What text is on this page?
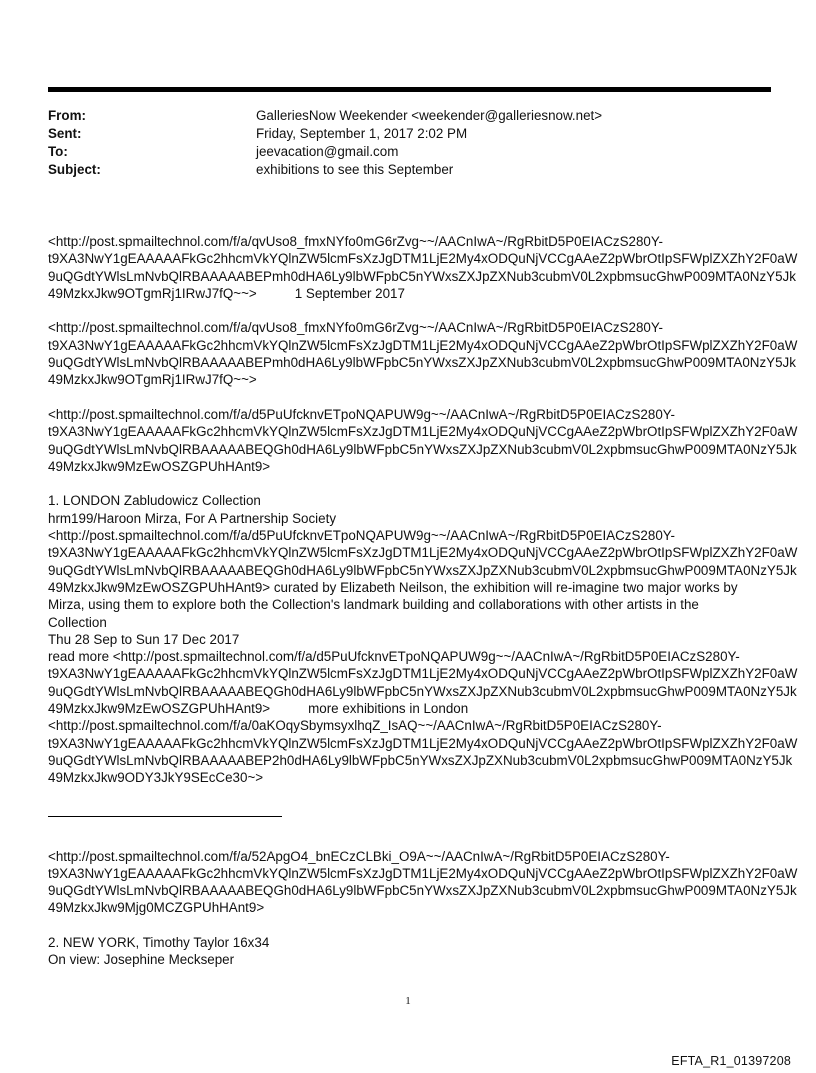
From:	GalleriesNow Weekender <weekender@galleriesnow.net>
Sent:	Friday, September 1, 2017 2:02 PM
To:	jeevacation@gmail.com
Subject:	exhibitions to see this September
<http://post.spmailtechnol.com/f/a/qvUso8_fmxNYfo0mG6rZvg~~/AACnIwA~/RgRbitD5P0EIACzS280Y-
t9XA3NwY1gEAAAAAFkGc2hhcmVkYQlnZW5lcmFsXzJgDTM1LjE2My4xODQuNjVCCgAAeZ2pWbrOtIpSFWplZXZhY2F0aW
9uQGdtYWlsLmNvbQlRBAAAAABEPmh0dHA6Ly9lbWFpbC5nYWxsZXJpZXNub3cubmV0L2xpbmsucGhwP009MTA0NzY5Jk
49MzkxJkw9OTgmRj1IRwJ7fQ~~>	1 September 2017
<http://post.spmailtechnol.com/f/a/qvUso8_fmxNYfo0mG6rZvg~~/AACnIwA~/RgRbitD5P0EIACzS280Y-
t9XA3NwY1gEAAAAAFkGc2hhcmVkYQlnZW5lcmFsXzJgDTM1LjE2My4xODQuNjVCCgAAeZ2pWbrOtIpSFWplZXZhY2F0aW
9uQGdtYWlsLmNvbQlRBAAAAABEPmh0dHA6Ly9lbWFpbC5nYWxsZXJpZXNub3cubmV0L2xpbmsucGhwP009MTA0NzY5Jk
49MzkxJkw9OTgmRj1IRwJ7fQ~~>
<http://post.spmailtechnol.com/f/a/d5PuUfcknvETpoNQAPUW9g~~/AACnIwA~/RgRbitD5P0EIACzS280Y-
t9XA3NwY1gEAAAAAFkGc2hhcmVkYQlnZW5lcmFsXzJgDTM1LjE2My4xODQuNjVCCgAAeZ2pWbrOtIpSFWplZXZhY2F0aW
9uQGdtYWlsLmNvbQlRBAAAAABEQGh0dHA6Ly9lbWFpbC5nYWxsZXJpZXNub3cubmV0L2xpbmsucGhwP009MTA0NzY5Jk
49MzkxJkw9MzEwOSZGPUhHAnt9>
1. LONDON Zabludowicz Collection
hrm199/Haroon Mirza, For A Partnership Society
<http://post.spmailtechnol.com/f/a/d5PuUfcknvETpoNQAPUW9g~~/AACnIwA~/RgRbitD5P0EIACzS280Y-
t9XA3NwY1gEAAAAAFkGc2hhcmVkYQlnZW5lcmFsXzJgDTM1LjE2My4xODQuNjVCCgAAeZ2pWbrOtIpSFWplZXZhY2F0aW
9uQGdtYWlsLmNvbQlRBAAAAABEQGh0dHA6Ly9lbWFpbC5nYWxsZXJpZXNub3cubmV0L2xpbmsucGhwP009MTA0NzY5Jk
49MzkxJkw9MzEwOSZGPUhHAnt9> curated by Elizabeth Neilson, the exhibition will re-imagine two major works by
Mirza, using them to explore both the Collection's landmark building and collaborations with other artists in the
Collection
Thu 28 Sep to Sun 17 Dec 2017
read more <http://post.spmailtechnol.com/f/a/d5PuUfcknvETpoNQAPUW9g~~/AACnIwA~/RgRbitD5P0EIACzS280Y-
t9XA3NwY1gEAAAAAFkGc2hhcmVkYQlnZW5lcmFsXzJgDTM1LjE2My4xODQuNjVCCgAAeZ2pWbrOtIpSFWplZXZhY2F0aW
9uQGdtYWlsLmNvbQlRBAAAAABEQGh0dHA6Ly9lbWFpbC5nYWxsZXJpZXNub3cubmV0L2xpbmsucGhwP009MTA0NzY5Jk
49MzkxJkw9MzEwOSZGPUhHAnt9>	more exhibitions in London
<http://post.spmailtechnol.com/f/a/0aKOqySbymsyxlhqZ_IsAQ~~/AACnIwA~/RgRbitD5P0EIACzS280Y-
t9XA3NwY1gEAAAAAFkGc2hhcmVkYQlnZW5lcmFsXzJgDTM1LjE2My4xODQuNjVCCgAAeZ2pWbrOtIpSFWplZXZhY2F0aW
9uQGdtYWlsLmNvbQlRBAAAAABEP2h0dHA6Ly9lbWFpbC5nYWxsZXJpZXNub3cubmV0L2xpbmsucGhwP009MTA0NzY5Jk
49MzkxJkw9ODY3JkY9SEcCe30~>
<http://post.spmailtechnol.com/f/a/52ApgO4_bnECzCLBki_O9A~~/AACnIwA~/RgRbitD5P0EIACzS280Y-
t9XA3NwY1gEAAAAAFkGc2hhcmVkYQlnZW5lcmFsXzJgDTM1LjE2My4xODQuNjVCCgAAeZ2pWbrOtIpSFWplZXZhY2F0aW
9uQGdtYWlsLmNvbQlRBAAAAABEQGh0dHA6Ly9lbWFpbC5nYWxsZXJpZXNub3cubmV0L2xpbmsucGhwP009MTA0NzY5Jk
49MzkxJkw9Mjg0MCZGPUhHAnt9>
2. NEW YORK, Timothy Taylor 16x34
On view: Josephine Meckseper
1
EFTA_R1_01397208
